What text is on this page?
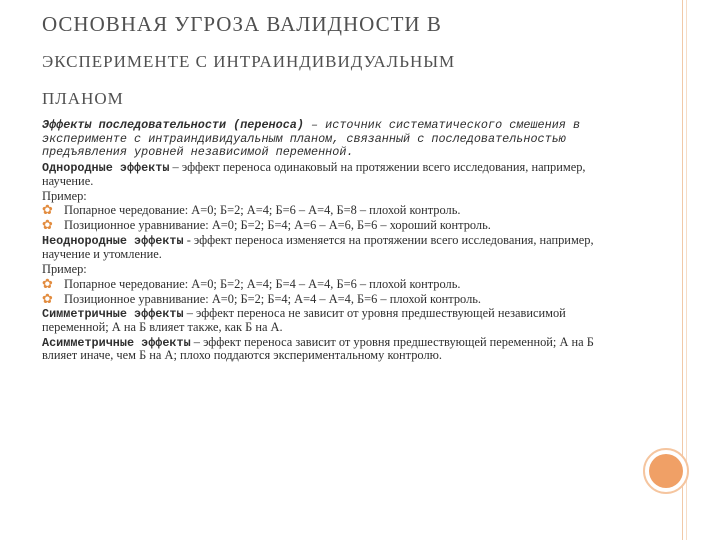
ОСНОВНАЯ УГРОЗА ВАЛИДНОСТИ В
ЭКСПЕРИМЕНТЕ С ИНТРАИНДИВИДУАЛЬНЫМ
ПЛАНОМ

Эффекты последовательности (переноса) – источник систематического смешения в эксперименте с интраиндивидуальным планом, связанный с последовательностью предъявления уровней независимой переменной.

Однородные эффекты – эффект переноса одинаковый на протяжении всего исследования, например, научение.

Пример:

✿ Попарное чередование: А=0; Б=2; А=4; Б=6 – А=4, Б=8 – плохой контроль.
✿ Позиционное уравнивание: А=0; Б=2; Б=4; А=6 – А=6, Б=6 – хороший контроль.

Неоднородные эффекты - эффект переноса изменяется на протяжении всего исследования, например, научение и утомление.

Пример:

✿ Попарное чередование: А=0; Б=2; А=4; Б=4 – А=4, Б=6 – плохой контроль.
✿ Позиционное уравнивание: А=0; Б=2; Б=4; А=4 – А=4, Б=6 – плохой контроль.

Симметричные эффекты – эффект переноса не зависит от уровня предшествующей независимой переменной; А на Б влияет также, как Б на А.

Асимметричные эффекты – эффект переноса зависит от уровня предшествующей переменной; А на Б влияет иначе, чем Б на А; плохо поддаются экспериментальному контролю.
